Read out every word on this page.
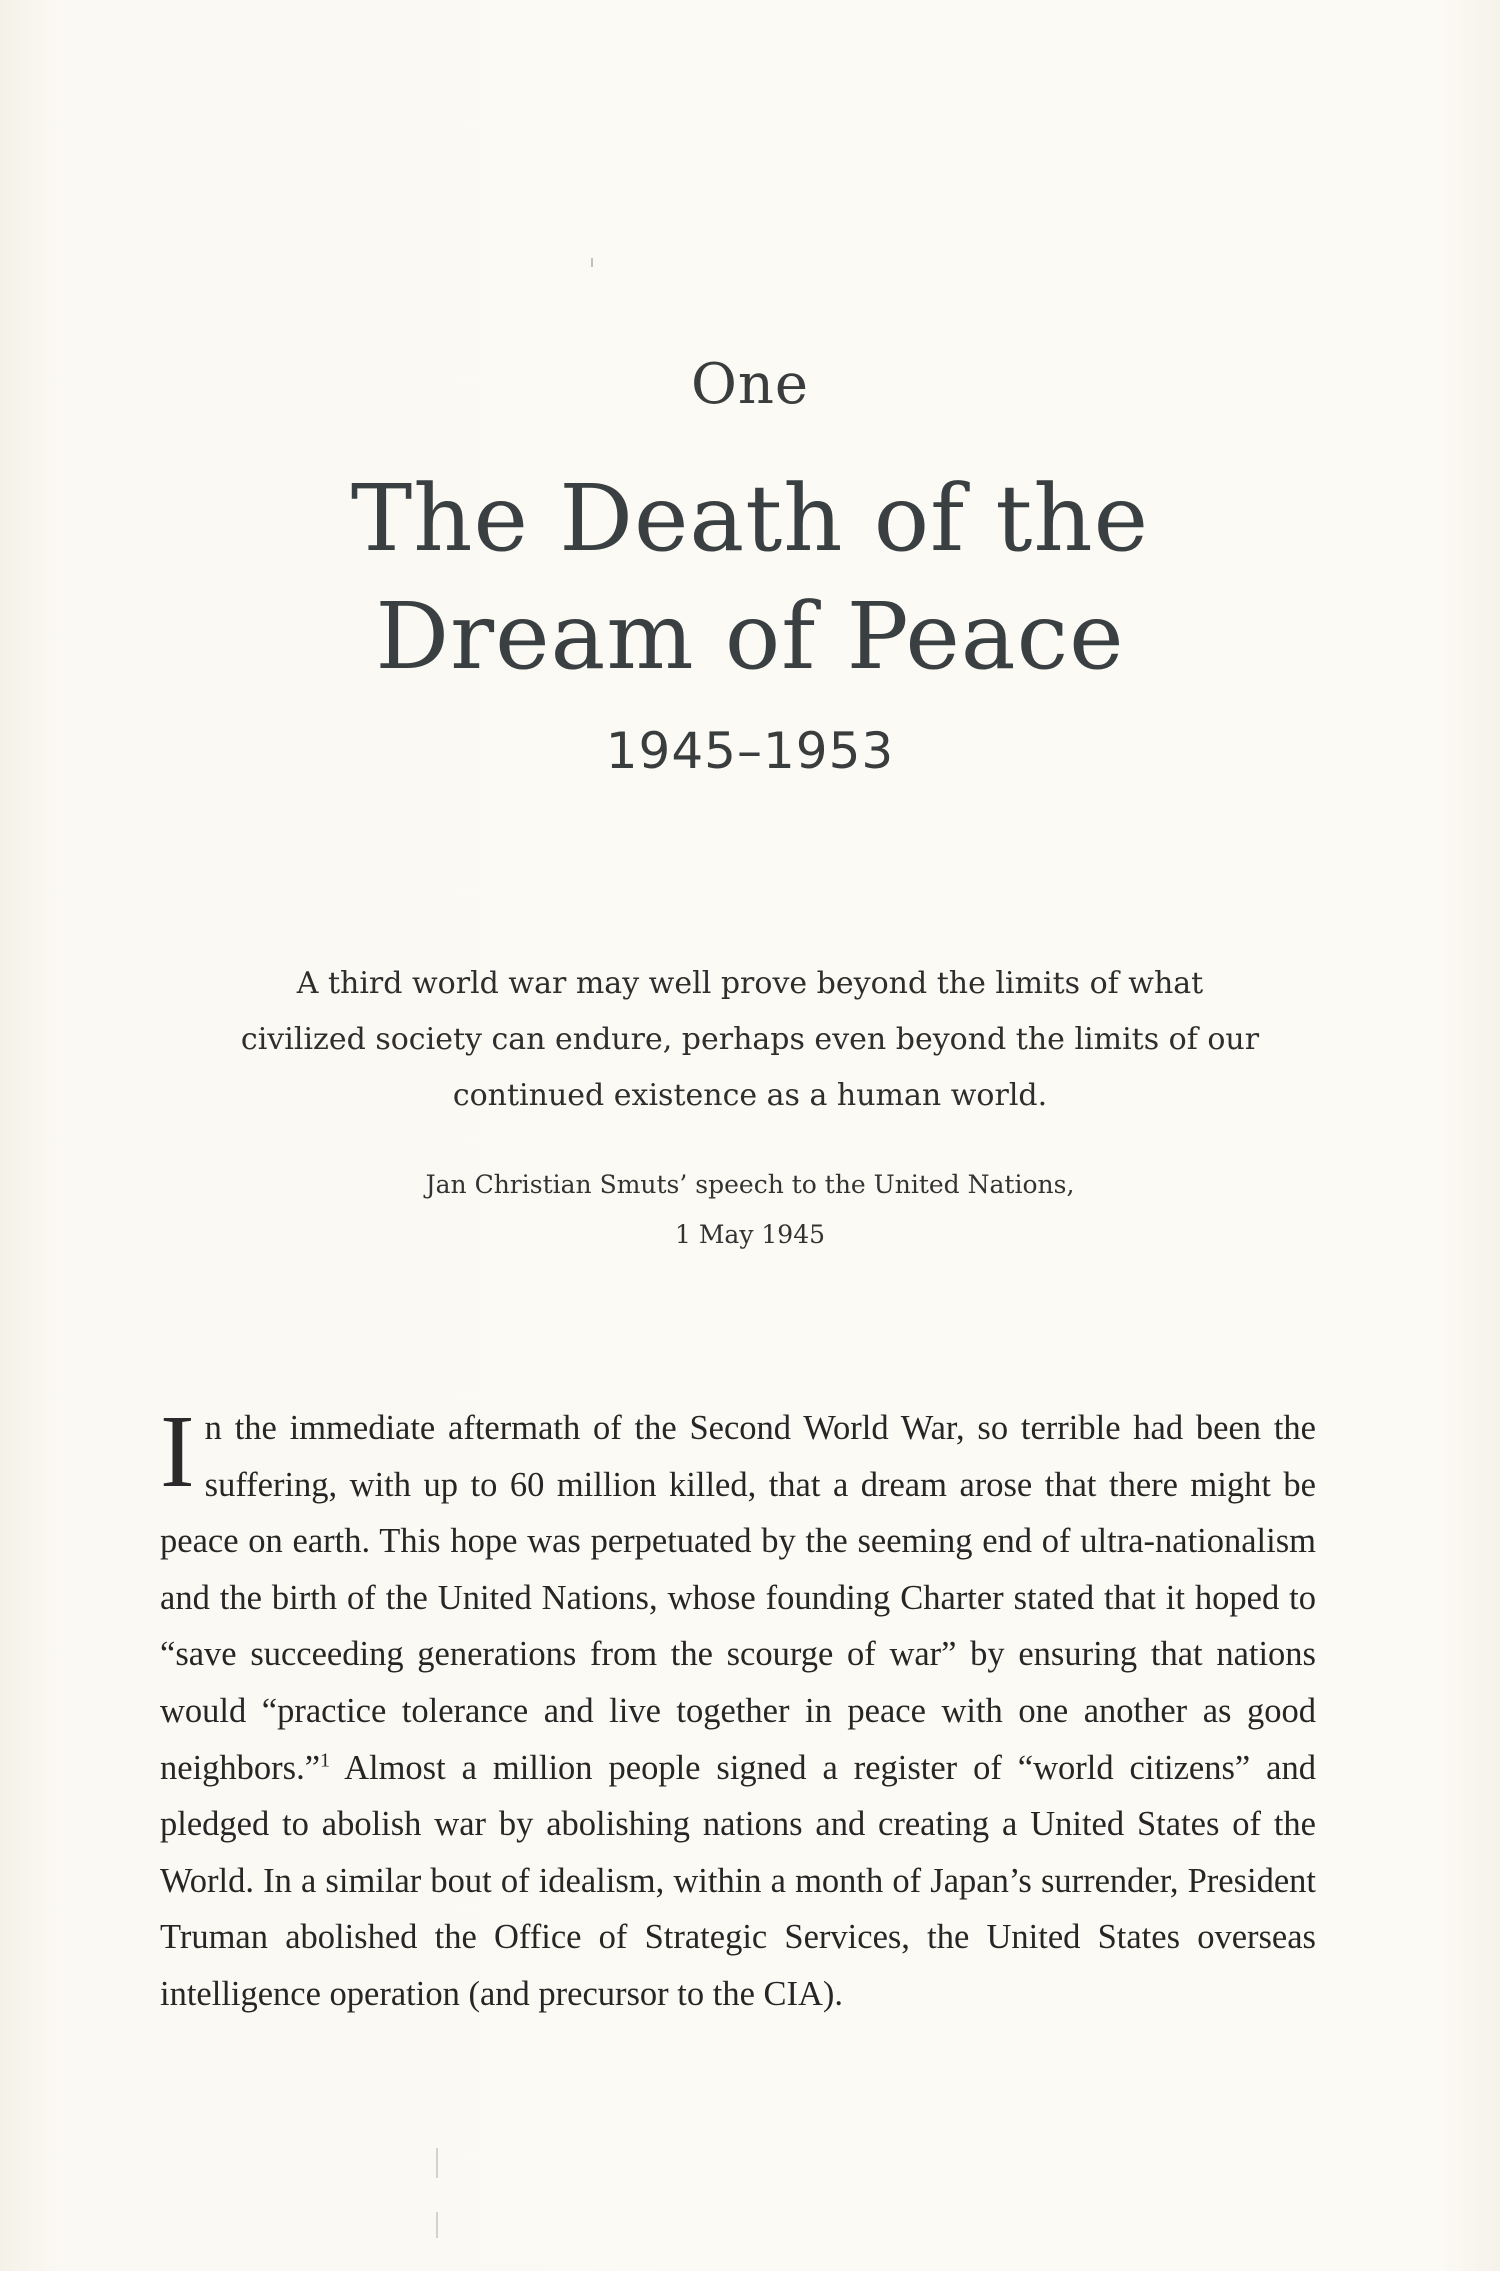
One
The Death of the
Dream of Peace
1945–1953
A third world war may well prove beyond the limits of what civilized society can endure, perhaps even beyond the limits of our continued existence as a human world.
Jan Christian Smuts’ speech to the United Nations,
1 May 1945
In the immediate aftermath of the Second World War, so terrible had been the suffering, with up to 60 million killed, that a dream arose that there might be peace on earth. This hope was perpetuated by the seeming end of ultra-nationalism and the birth of the United Nations, whose founding Charter stated that it hoped to “save succeeding generations from the scourge of war” by ensuring that nations would “practice tolerance and live together in peace with one another as good neighbors.”$^1$ Almost a million people signed a register of “world citizens” and pledged to abolish war by abolishing nations and creating a United States of the World. In a similar bout of idealism, within a month of Japan’s surrender, President Truman abolished the Office of Strategic Services, the United States overseas intelligence operation (and precursor to the CIA).
